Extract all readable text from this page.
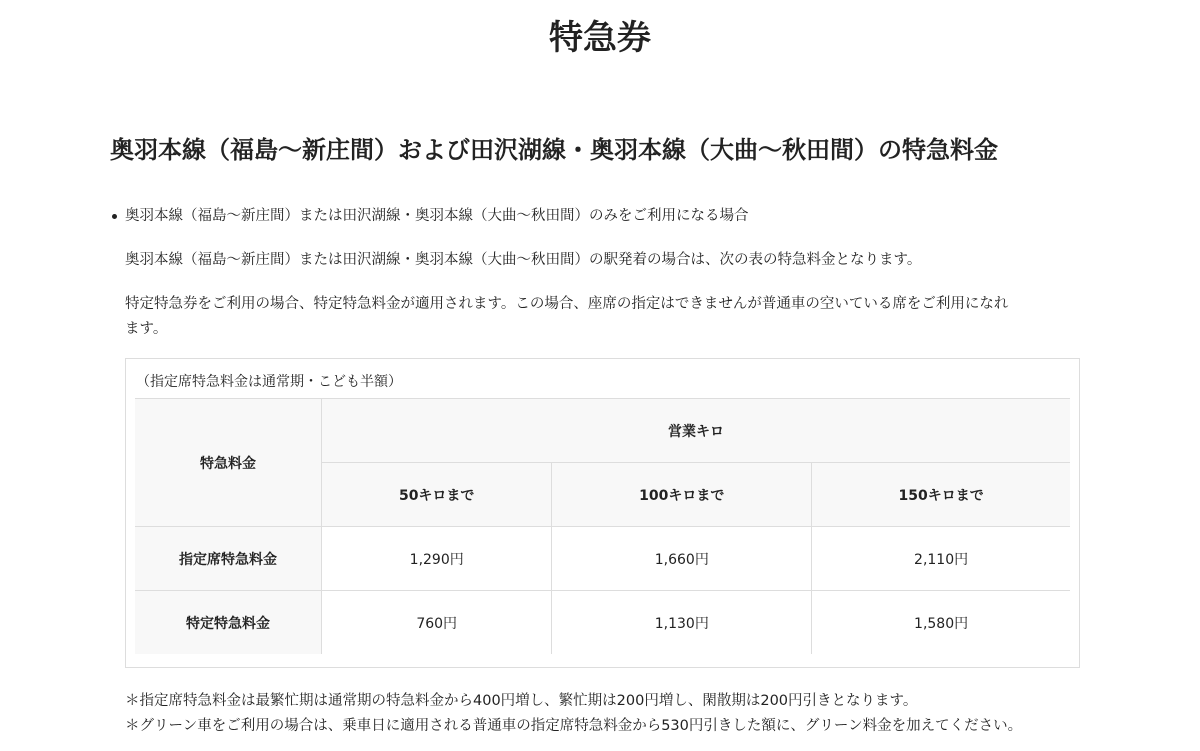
特急券
奥羽本線（福島〜新庄間）および田沢湖線・奥羽本線（大曲〜秋田間）の特急料金
奥羽本線（福島〜新庄間）または田沢湖線・奥羽本線（大曲〜秋田間）のみをご利用になる場合
奥羽本線（福島〜新庄間）または田沢湖線・奥羽本線（大曲〜秋田間）の駅発着の場合は、次の表の特急料金となります。
特定特急券をご利用の場合、特定特急料金が適用されます。この場合、座席の指定はできませんが普通車の空いている席をご利用になれ
ます。
（指定席特急料金は通常期・こども半額）
特急料金	営業キロ		
	50キロまで	100キロまで	150キロまで
指定席特急料金	1,290円	1,660円	2,110円
特定特急料金	760円	1,130円	1,580円
＊指定席特急料金は最繁忙期は通常期の特急料金から400円増し、繁忙期は200円増し、閑散期は200円引きとなります。
＊グリーン車をご利用の場合は、乗車日に適用される普通車の指定席特急料金から530円引きした額に、グリーン料金を加えてください。
